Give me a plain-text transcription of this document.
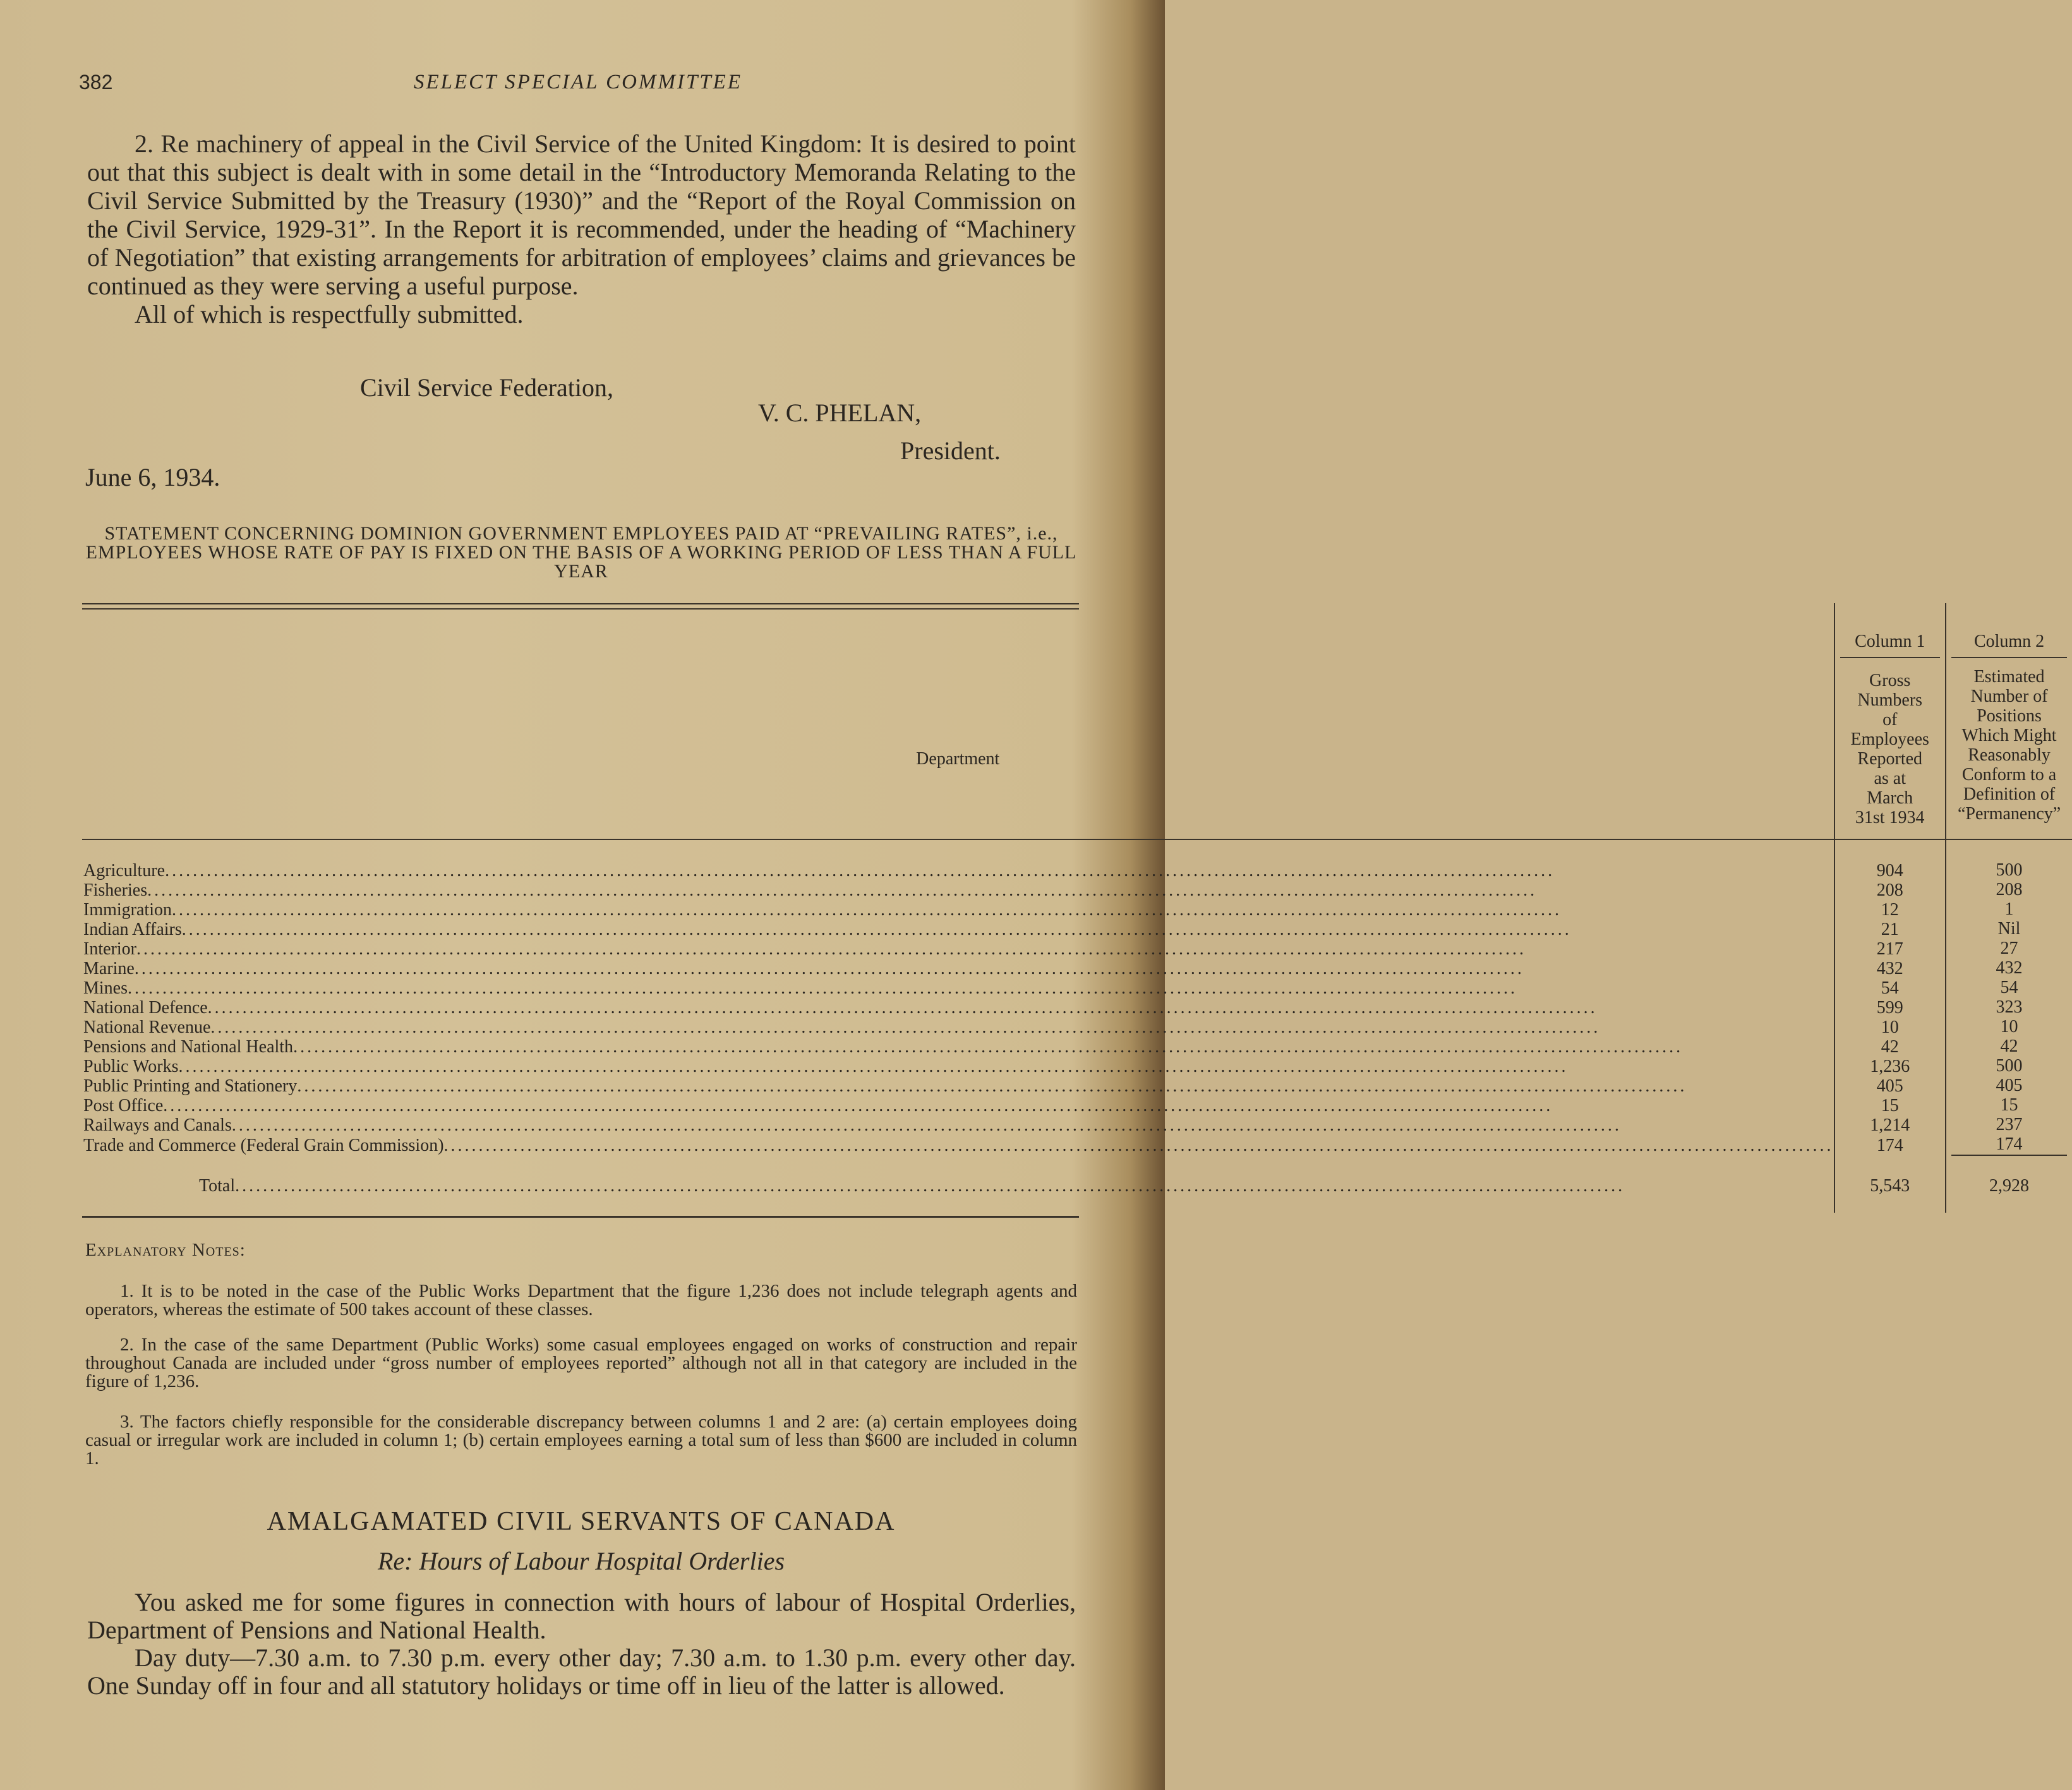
382	SELECT SPECIAL COMMITTEE

2. Re machinery of appeal in the Civil Service of the United Kingdom: It is desired to point out that this subject is dealt with in some detail in the “Introductory Memoranda Relating to the Civil Service Submitted by the Treasury (1930)” and the “Report of the Royal Commission on the Civil Service, 1929-31”. In the Report it is recommended, under the heading of “Machinery of Negotiation” that existing arrangements for arbitration of employees’ claims and grievances be continued as they were serving a useful purpose.

All of which is respectfully submitted.

Civil Service Federation,
V. C. PHELAN,
President.
June 6, 1934.
STATEMENT CONCERNING DOMINION GOVERNMENT EMPLOYEES PAID AT “PREVAILING RATES”, i.e., EMPLOYEES WHOSE RATE OF PAY IS FIXED ON THE BASIS OF A WORKING PERIOD OF LESS THAN A FULL YEAR
Department	Column 1	Column 2

	Gross Numbers of Employees Reported as at March 31st 1934	Estimated Number of Positions Which Might Reasonably Conform to a Definition of “Permanency”

Agriculture........................................................................................................................................................................................................	904	500

Fisheries........................................................................................................................................................................................................	208	208

Immigration........................................................................................................................................................................................................	12	1

Indian Affairs........................................................................................................................................................................................................	21	Nil

Interior........................................................................................................................................................................................................	217	27

Marine........................................................................................................................................................................................................	432	432

Mines........................................................................................................................................................................................................	54	54

National Defence........................................................................................................................................................................................................	599	323

National Revenue........................................................................................................................................................................................................	10	10

Pensions and National Health........................................................................................................................................................................................................	42	42

Public Works........................................................................................................................................................................................................	1,236	500

Public Printing and Stationery........................................................................................................................................................................................................	405	405

Post Office........................................................................................................................................................................................................	15	15

Railways and Canals........................................................................................................................................................................................................	1,214	237

Trade and Commerce (Federal Grain Commission)........................................................................................................................................................................................................	174	174

Total........................................................................................................................................................................................................	5,543	2,928

Explanatory Notes:

1. It is to be noted in the case of the Public Works Department that the figure 1,236 does not include telegraph agents and operators, whereas the estimate of 500 takes account of these classes.

2. In the case of the same Department (Public Works) some casual employees engaged on works of construction and repair throughout Canada are included under “gross number of employees reported” although not all in that category are included in the figure of 1,236.

3. The factors chiefly responsible for the considerable discrepancy between columns 1 and 2 are: (a) certain employees doing casual or irregular work are included in column 1; (b) certain employees earning a total sum of less than $600 are included in column 1.

AMALGAMATED CIVIL SERVANTS OF CANADA
Re: Hours of Labour Hospital Orderlies

You asked me for some figures in connection with hours of labour of Hospital Orderlies, Department of Pensions and National Health.

Day duty—7.30 a.m. to 7.30 p.m. every other day; 7.30 a.m. to 1.30 p.m. every other day. One Sunday off in four and all statutory holidays or time off in lieu of the latter is allowed.
